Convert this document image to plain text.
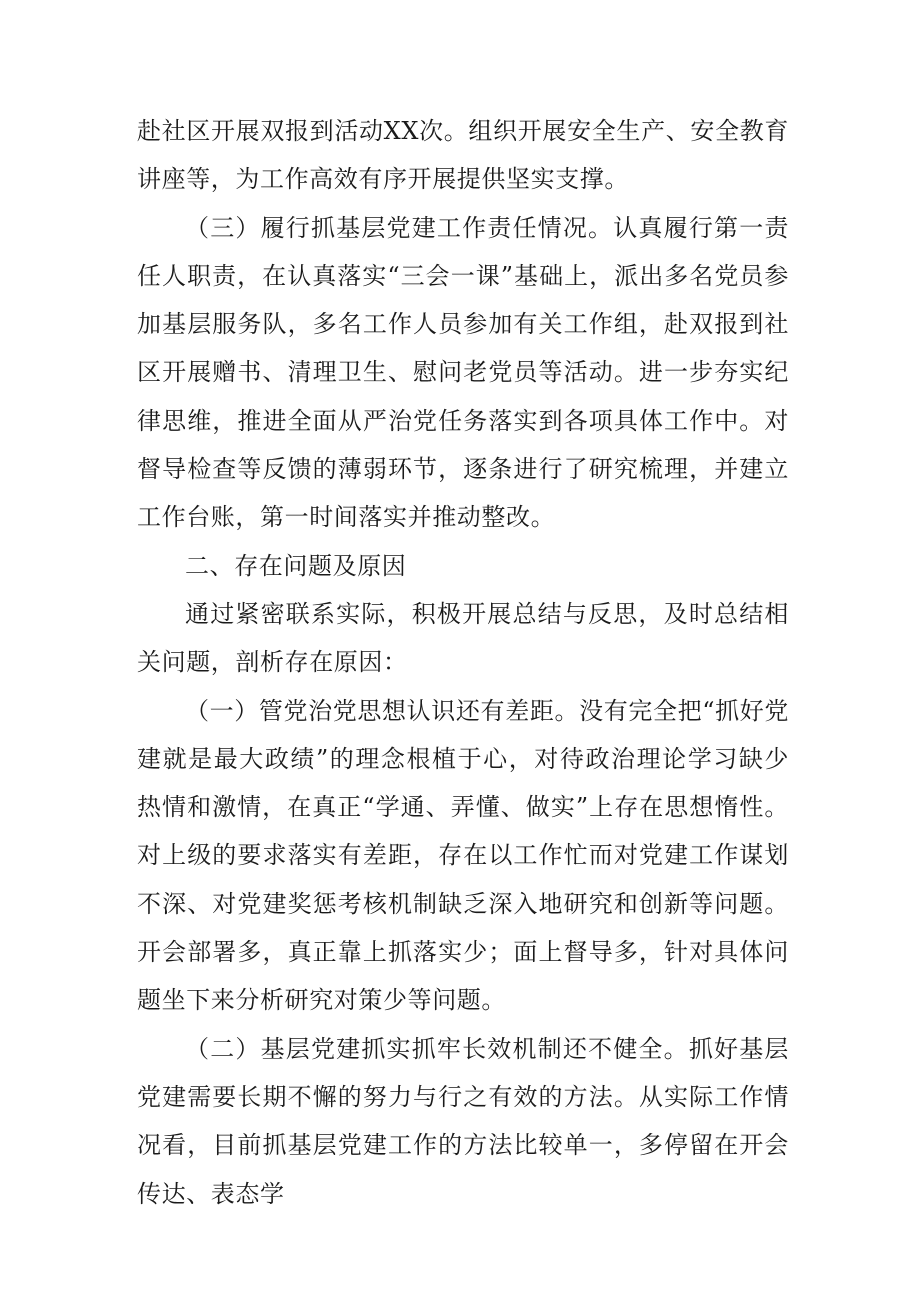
赴社区开展双报到活动XX次。组织开展安全生产、安全教育讲座等，为工作高效有序开展提供坚实支撑。

（三）履行抓基层党建工作责任情况。认真履行第一责任人职责，在认真落实“三会一课”基础上，派出多名党员参加基层服务队，多名工作人员参加有关工作组，赴双报到社区开展赠书、清理卫生、慰问老党员等活动。进一步夯实纪律思维，推进全面从严治党任务落实到各项具体工作中。对督导检查等反馈的薄弱环节，逐条进行了研究梳理，并建立工作台账，第一时间落实并推动整改。

二、存在问题及原因

通过紧密联系实际，积极开展总结与反思，及时总结相关问题，剖析存在原因：

（一）管党治党思想认识还有差距。没有完全把“抓好党建就是最大政绩”的理念根植于心，对待政治理论学习缺少热情和激情，在真正“学通、弄懂、做实”上存在思想惰性。对上级的要求落实有差距，存在以工作忙而对党建工作谋划不深、对党建奖惩考核机制缺乏深入地研究和创新等问题。开会部署多，真正靠上抓落实少；面上督导多，针对具体问题坐下来分析研究对策少等问题。

（二）基层党建抓实抓牢长效机制还不健全。抓好基层党建需要长期不懈的努力与行之有效的方法。从实际工作情况看，目前抓基层党建工作的方法比较单一，多停留在开会传达、表态学
